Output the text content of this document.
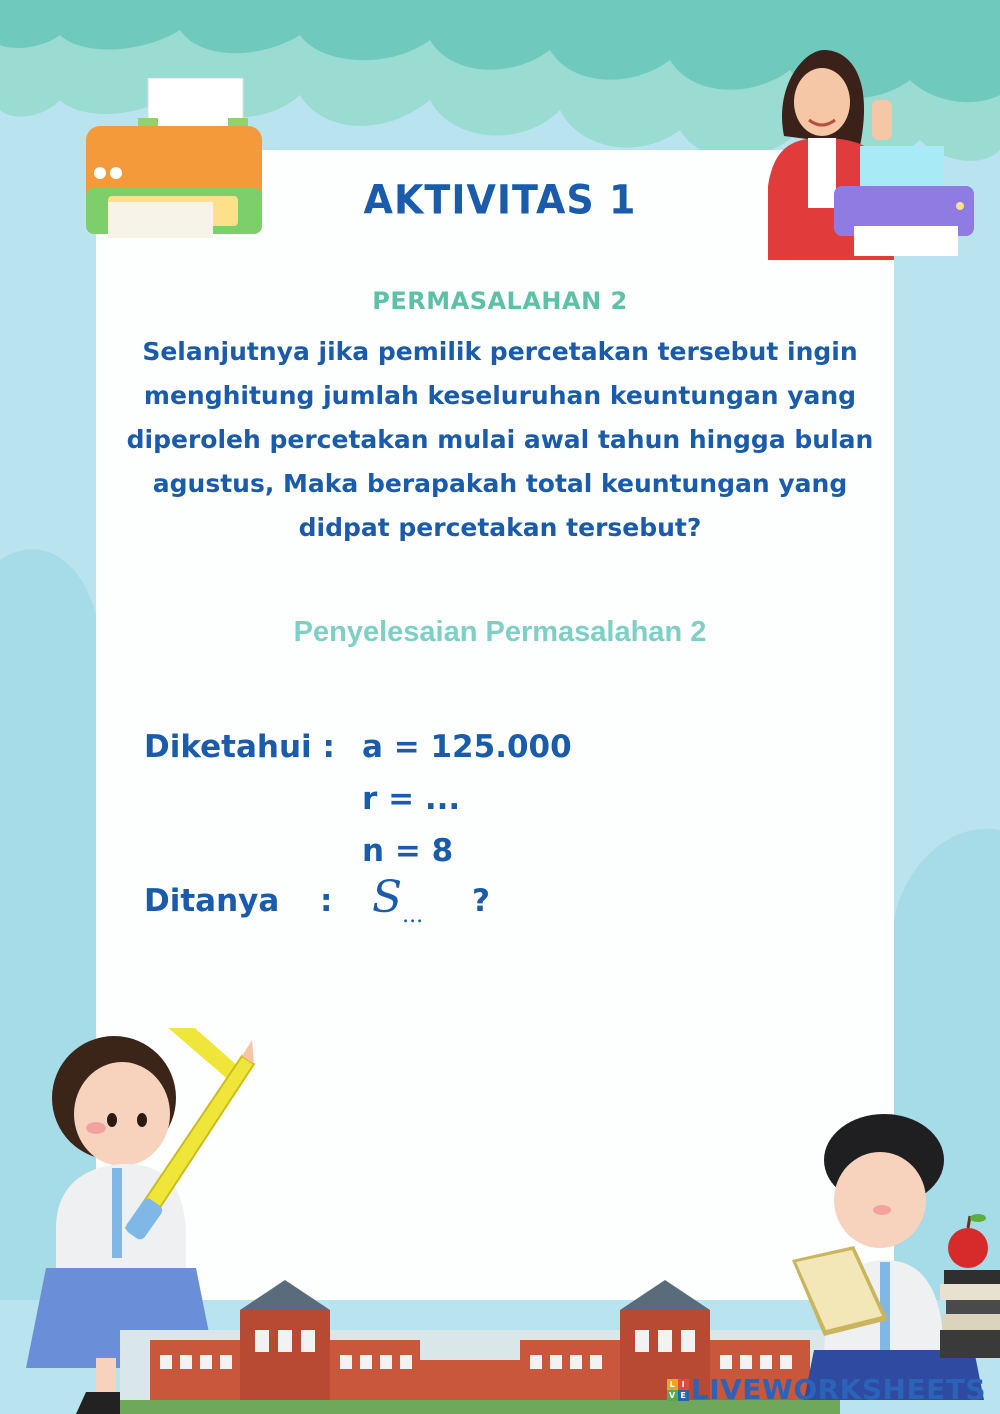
AKTIVITAS 1
PERMASALAHAN 2
Selanjutnya jika pemilik percetakan tersebut ingin
menghitung jumlah keseluruhan keuntungan yang
diperoleh percetakan mulai awal tahun hingga bulan
agustus, Maka berapakah total keuntungan yang
didpat percetakan tersebut?
Penyelesaian Permasalahan 2
Diketahui : a = 125.000
r = ...
n = 8
Ditanya : S... ?
L I
V E LIVEWORKSHEETS
